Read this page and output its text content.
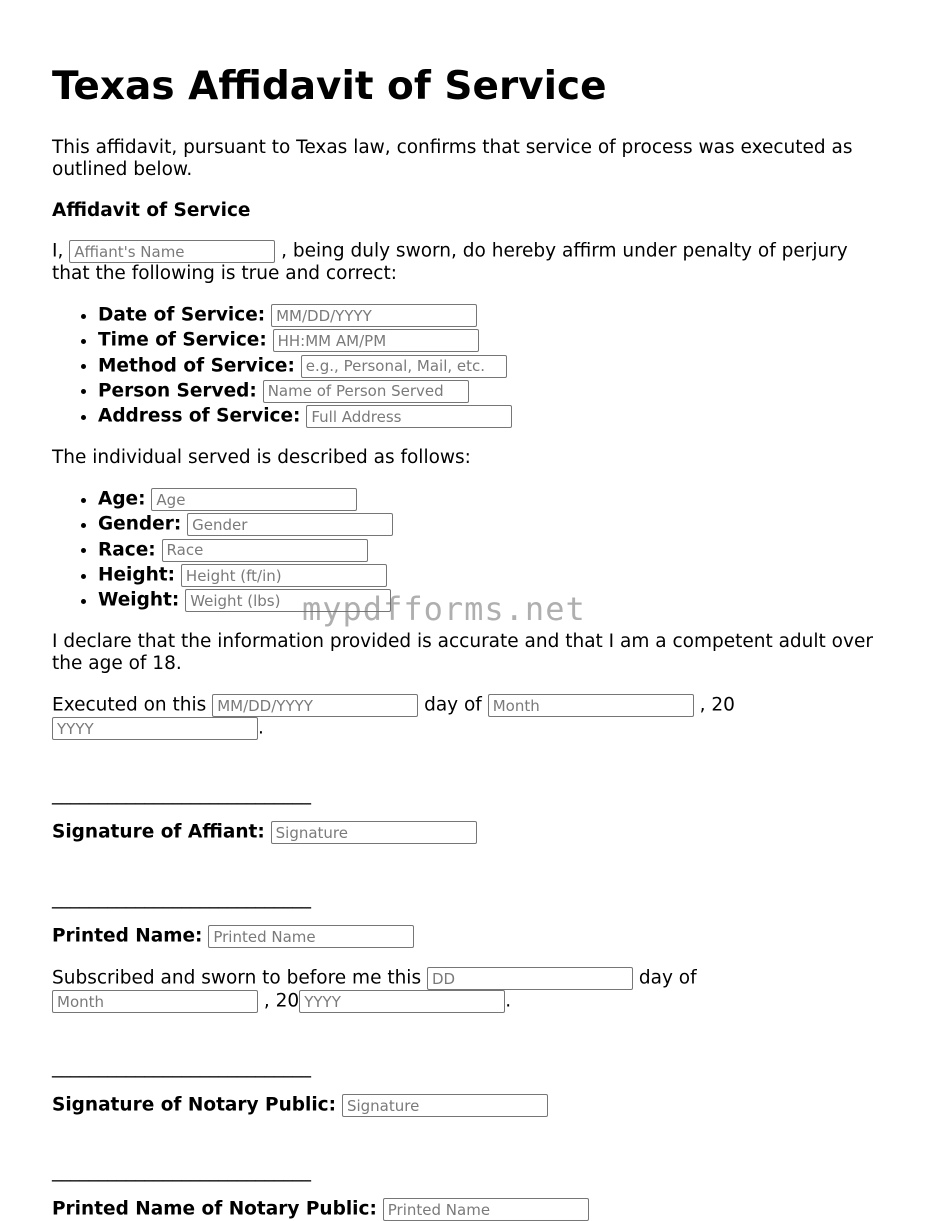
Texas Affidavit of Service

This affidavit, pursuant to Texas law, confirms that service of process was executed as outlined below.

Affidavit of Service

I, Affiant's Name	, being duly sworn, do hereby affirm under penalty of perjury that the following is true and correct:

• Date of Service: MM/DD/YYYY
• Time of Service: HH:MM AM/PM
• Method of Service: e.g., Personal, Mail, etc.
• Person Served: Name of Person Served
• Address of Service: Full Address

The individual served is described as follows:

• Age: Age
• Gender: Gender
• Race: Race
• Height: Height (ft/in)
• Weight: Weight (lbs)

I declare that the information provided is accurate and that I am a competent adult over the age of 18.

Executed on this MM/DD/YYYY	day of Month	, 20 YYYY.

____________________________

Signature of Affiant: Signature

____________________________

Printed Name: Printed Name

Subscribed and sworn to before me this DD	day of Month , 20YYYY	.

____________________________

Signature of Notary Public: Signature

____________________________

Printed Name of Notary Public: Printed Name

mypdfforms.net
